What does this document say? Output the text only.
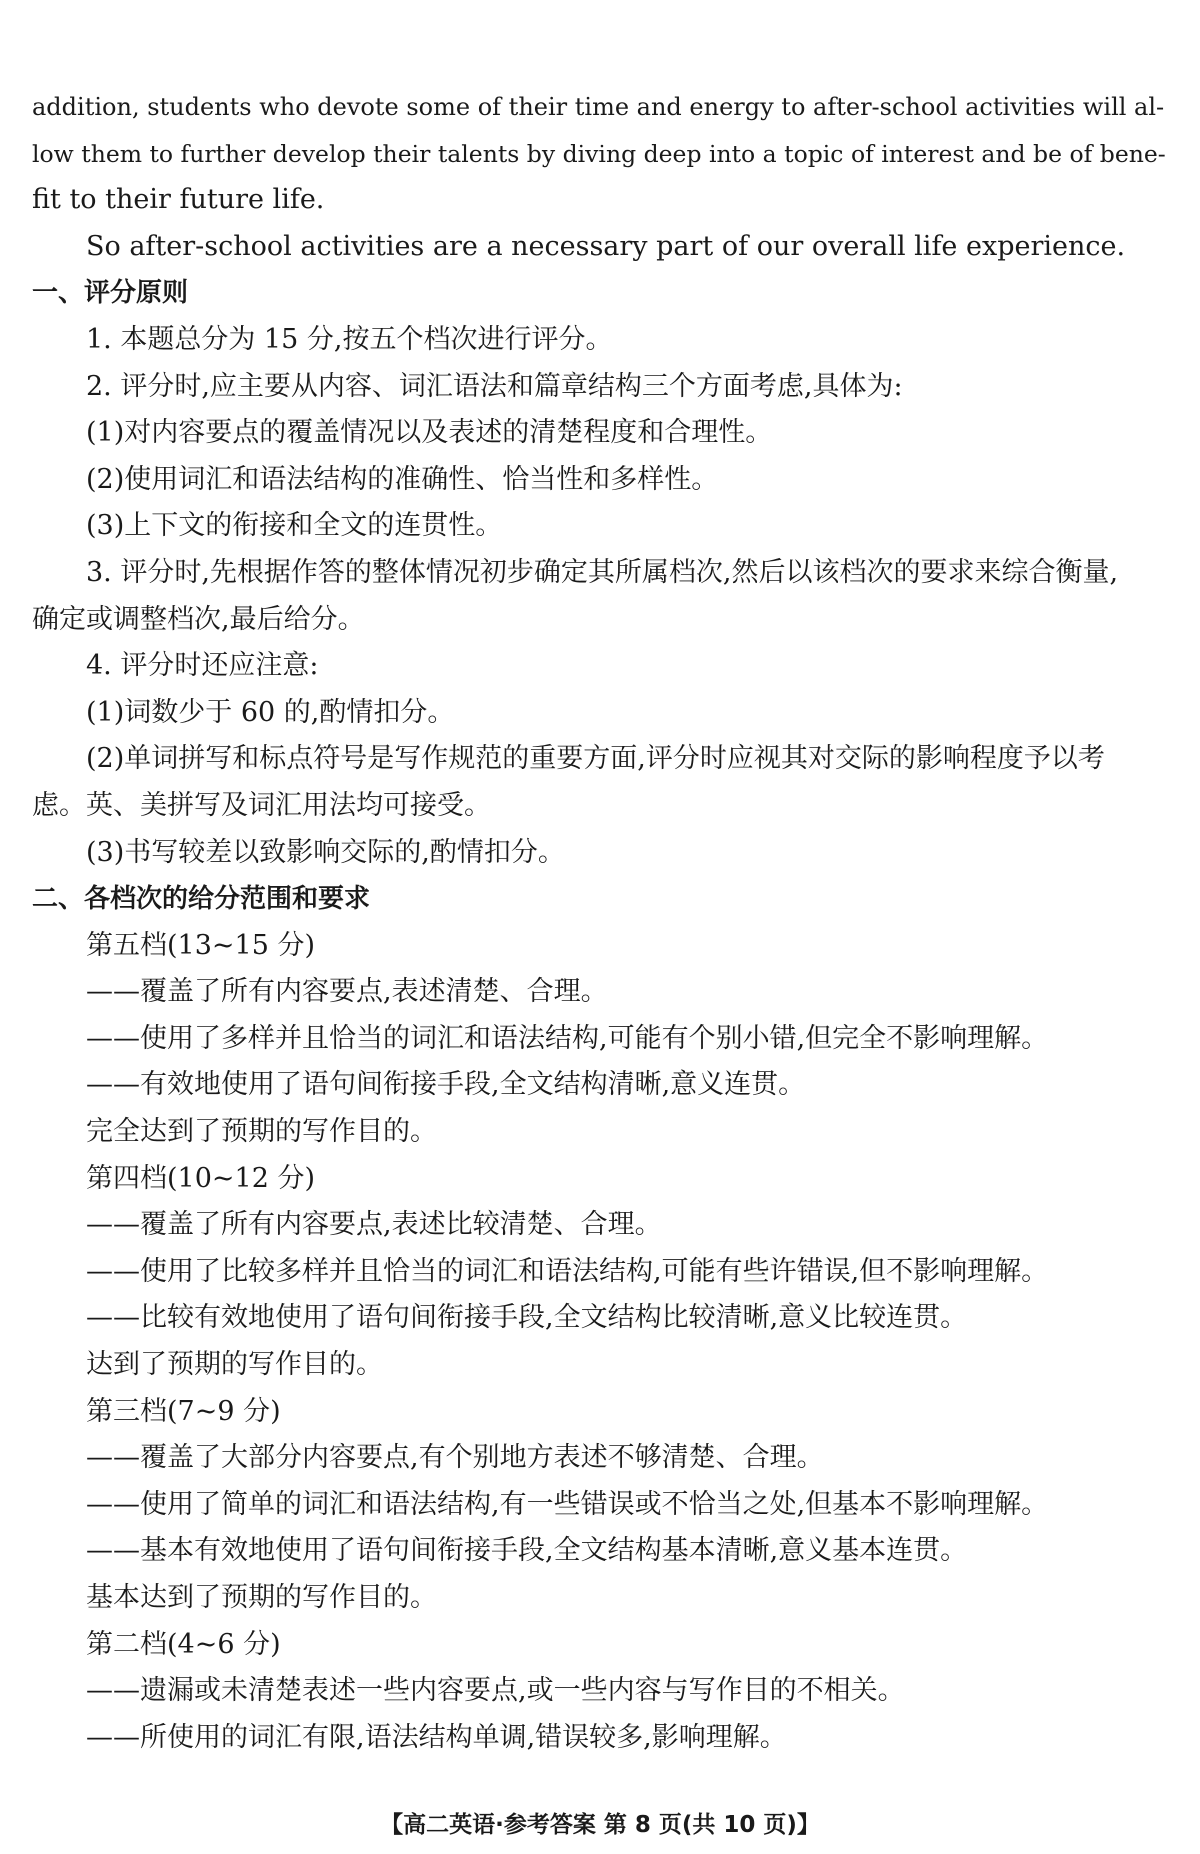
addition, students who devote some of their time and energy to after-school activities will al-
low them to further develop their talents by diving deep into a topic of interest and be of bene-
fit to their future life.
So after-school activities are a necessary part of our overall life experience.
一、评分原则
1. 本题总分为 15 分,按五个档次进行评分。
2. 评分时,应主要从内容、词汇语法和篇章结构三个方面考虑,具体为:
(1)对内容要点的覆盖情况以及表述的清楚程度和合理性。
(2)使用词汇和语法结构的准确性、恰当性和多样性。
(3)上下文的衔接和全文的连贯性。
3. 评分时,先根据作答的整体情况初步确定其所属档次,然后以该档次的要求来综合衡量,
确定或调整档次,最后给分。
4. 评分时还应注意:
(1)词数少于 60 的,酌情扣分。
(2)单词拼写和标点符号是写作规范的重要方面,评分时应视其对交际的影响程度予以考
虑。英、美拼写及词汇用法均可接受。
(3)书写较差以致影响交际的,酌情扣分。
二、各档次的给分范围和要求
第五档(13~15 分)
——覆盖了所有内容要点,表述清楚、合理。
——使用了多样并且恰当的词汇和语法结构,可能有个别小错,但完全不影响理解。
——有效地使用了语句间衔接手段,全文结构清晰,意义连贯。
完全达到了预期的写作目的。
第四档(10~12 分)
——覆盖了所有内容要点,表述比较清楚、合理。
——使用了比较多样并且恰当的词汇和语法结构,可能有些许错误,但不影响理解。
——比较有效地使用了语句间衔接手段,全文结构比较清晰,意义比较连贯。
达到了预期的写作目的。
第三档(7~9 分)
——覆盖了大部分内容要点,有个别地方表述不够清楚、合理。
——使用了简单的词汇和语法结构,有一些错误或不恰当之处,但基本不影响理解。
——基本有效地使用了语句间衔接手段,全文结构基本清晰,意义基本连贯。
基本达到了预期的写作目的。
第二档(4~6 分)
——遗漏或未清楚表述一些内容要点,或一些内容与写作目的不相关。
——所使用的词汇有限,语法结构单调,错误较多,影响理解。
【高二英语·参考答案 第 8 页(共 10 页)】
